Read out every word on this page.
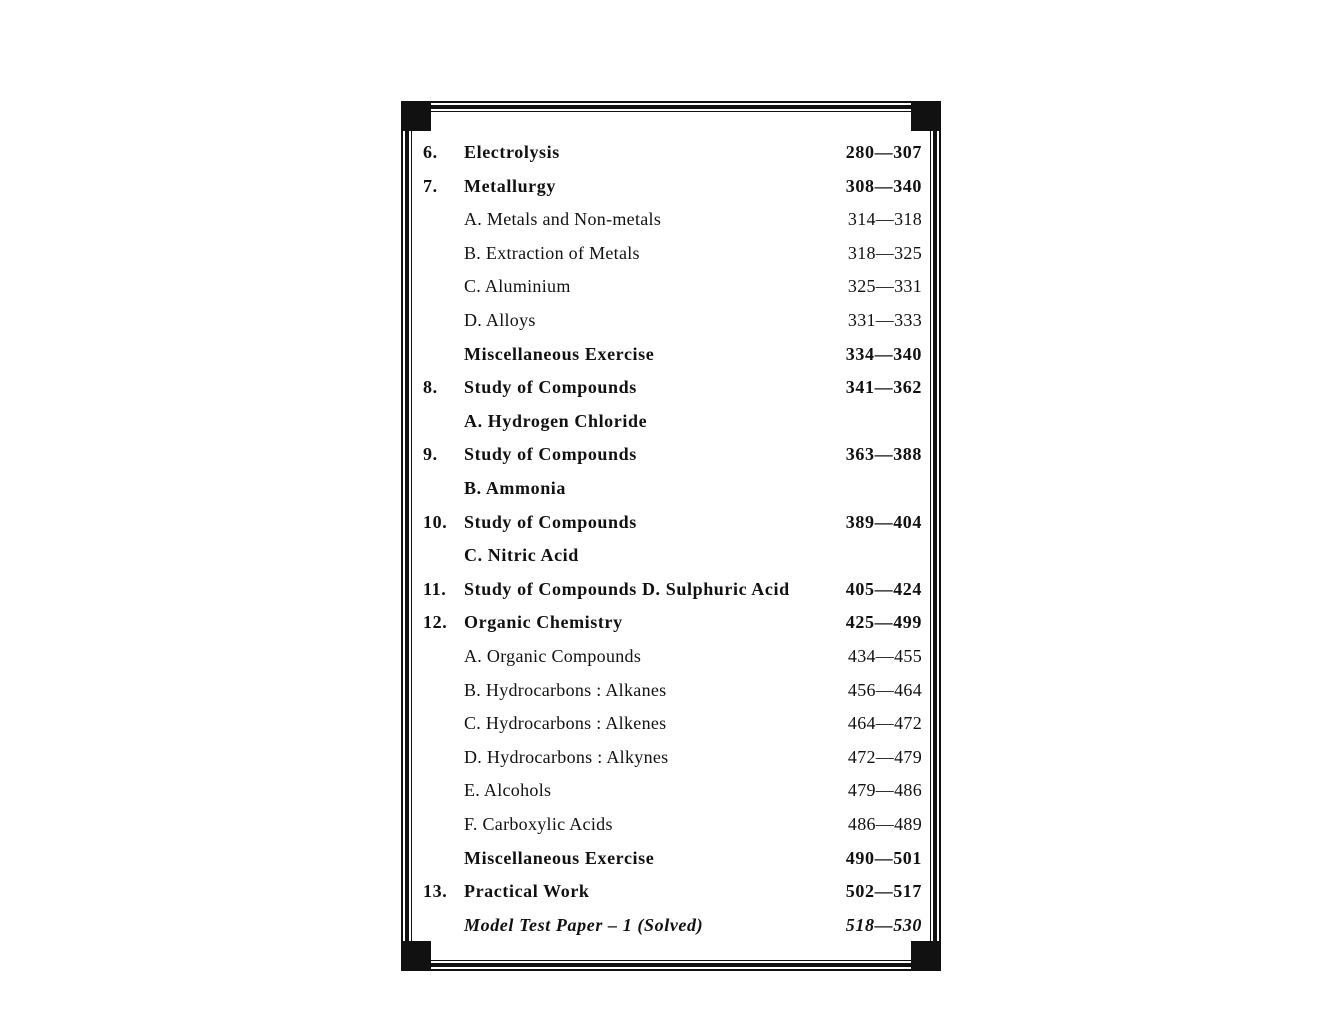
6. Electrolysis	280—307
7. Metallurgy	308—340
A. Metals and Non-metals	314—318
B. Extraction of Metals	318—325
C. Aluminium	325—331
D. Alloys	331—333
Miscellaneous Exercise	334—340
8. Study of Compounds	341—362
A. Hydrogen Chloride
9. Study of Compounds	363—388
B. Ammonia
10. Study of Compounds	389—404
C. Nitric Acid
11. Study of Compounds D. Sulphuric Acid	405—424
12. Organic Chemistry	425—499
A. Organic Compounds	434—455
B. Hydrocarbons : Alkanes	456—464
C. Hydrocarbons : Alkenes	464—472
D. Hydrocarbons : Alkynes	472—479
E. Alcohols	479—486
F. Carboxylic Acids	486—489
Miscellaneous Exercise	490—501
13. Practical Work	502—517
Model Test Paper – 1 (Solved)	518—530
